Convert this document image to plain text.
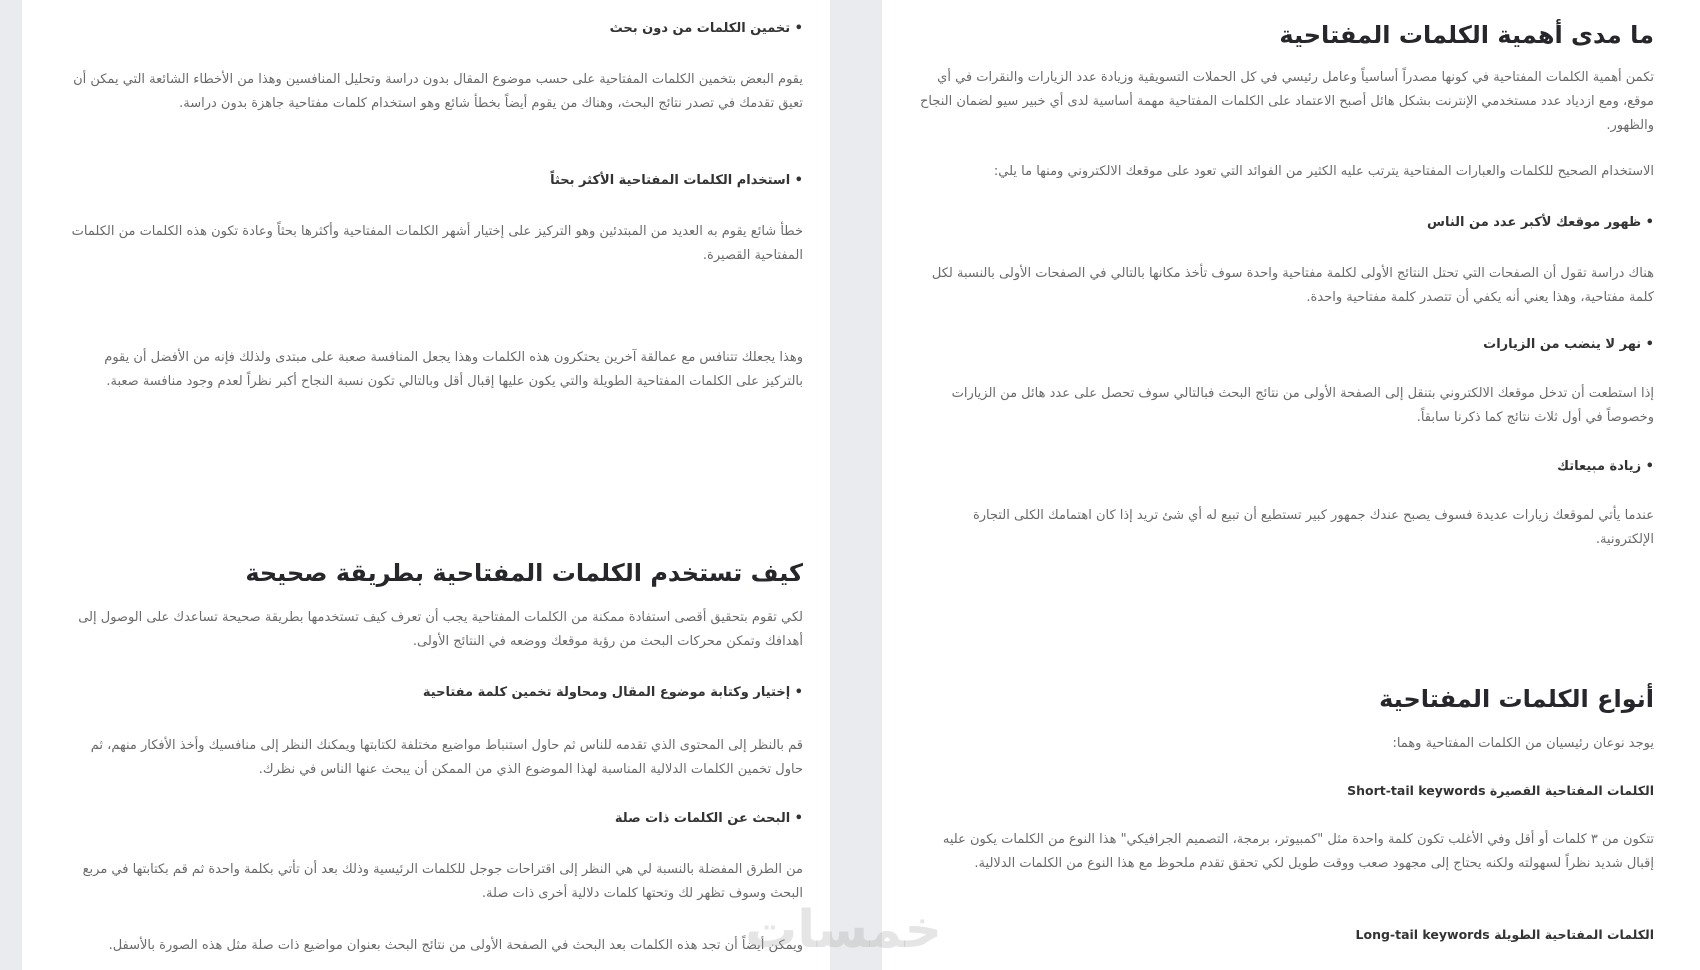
• تخمين الكلمات من دون بحث

يقوم البعض بتخمين الكلمات المفتاحية على حسب موضوع المقال بدون دراسة وتحليل المنافسين وهذا من الأخطاء الشائعة التي يمكن أن تعيق تقدمك في تصدر نتائج البحث، وهناك من يقوم أيضاً بخطأ شائع وهو استخدام كلمات مفتاحية جاهزة بدون دراسة.

• استخدام الكلمات المفتاحية الأكثر بحثاً

خطأ شائع يقوم به العديد من المبتدئين وهو التركيز على إختيار أشهر الكلمات المفتاحية وأكثرها بحثاً وعادة تكون هذه الكلمات من الكلمات المفتاحية القصيرة.

وهذا يجعلك تتنافس مع عمالقة آخرين يحتكرون هذه الكلمات وهذا يجعل المنافسة صعبة على مبتدى ولذلك فإنه من الأفضل أن يقوم بالتركيز على الكلمات المفتاحية الطويلة والتي يكون عليها إقبال أقل وبالتالي تكون نسبة النجاح أكبر نظراً لعدم وجود منافسة صعبة.

كيف تستخدم الكلمات المفتاحية بطريقة صحيحة

لكي تقوم بتحقيق أقصى استفادة ممكنة من الكلمات المفتاحية يجب أن تعرف كيف تستخدمها بطريقة صحيحة تساعدك على الوصول إلى أهدافك وتمكن محركات البحث من رؤية موقعك ووضعه في النتائج الأولى.

• إختيار وكتابة موضوع المقال ومحاولة تخمين كلمة مفتاحية

قم بالنظر إلى المحتوى الذي تقدمه للناس ثم حاول استنباط مواضيع مختلفة لكتابتها ويمكنك النظر إلى منافسيك وأخذ الأفكار منهم، ثم حاول تخمين الكلمات الدلالية المناسبة لهذا الموضوع الذي من الممكن أن يبحث عنها الناس في نظرك.

• البحث عن الكلمات ذات صلة

من الطرق المفضلة بالنسبة لي هي النظر إلى اقتراحات جوجل للكلمات الرئيسية وذلك بعد أن تأتي بكلمة واحدة ثم قم بكتابتها في مربع البحث وسوف تظهر لك وتحتها كلمات دلالية أخرى ذات صلة.

ويمكن أيضاً أن تجد هذه الكلمات بعد البحث في الصفحة الأولى من نتائج البحث بعنوان مواضيع ذات صلة مثل هذه الصورة بالأسفل.

ما مدى أهمية الكلمات المفتاحية

تكمن أهمية الكلمات المفتاحية في كونها مصدراً أساسياً وعامل رئيسي في كل الحملات التسويقية وزيادة عدد الزيارات والنقرات في أي موقع، ومع ازدياد عدد مستخدمي الإنترنت بشكل هائل أصبح الاعتماد على الكلمات المفتاحية مهمة أساسية لدى أي خبير سيو لضمان النجاح والظهور.

الاستخدام الصحيح للكلمات والعبارات المفتاحية يترتب عليه الكثير من الفوائد التي تعود على موقعك الالكتروني ومنها ما يلي:

• ظهور موقعك لأكبر عدد من الناس

هناك دراسة تقول أن الصفحات التي تحتل النتائج الأولى لكلمة مفتاحية واحدة سوف تأخذ مكانها بالتالي في الصفحات الأولى بالنسبة لكل كلمة مفتاحية، وهذا يعني أنه يكفي أن تتصدر كلمة مفتاحية واحدة.

• نهر لا ينضب من الزيارات

إذا استطعت أن تدخل موقعك الالكتروني بتنقل إلى الصفحة الأولى من نتائج البحث فبالتالي سوف تحصل على عدد هائل من الزيارات وخصوصاً في أول ثلاث نتائج كما ذكرنا سابقاً.

• زيادة مبيعاتك

عندما يأتي لموقعك زيارات عديدة فسوف يصبح عندك جمهور كبير تستطيع أن تبيع له أي شئ تريد إذا كان اهتمامك الكلى التجارة الإلكترونية.

أنواع الكلمات المفتاحية

يوجد نوعان رئيسيان من الكلمات المفتاحية وهما:

الكلمات المفتاحية القصيرة Short-tail keywords

تتكون من ٣ كلمات أو أقل وفي الأغلب تكون كلمة واحدة مثل "كمبيوتر، برمجة، التصميم الجرافيكي" هذا النوع من الكلمات يكون عليه إقبال شديد نظراً لسهولته ولكنه يحتاج إلى مجهود صعب ووقت طويل لكي تحقق تقدم ملحوظ مع هذا النوع من الكلمات الدلالية.

الكلمات المفتاحية الطويلة Long-tail keywords
خمسات
